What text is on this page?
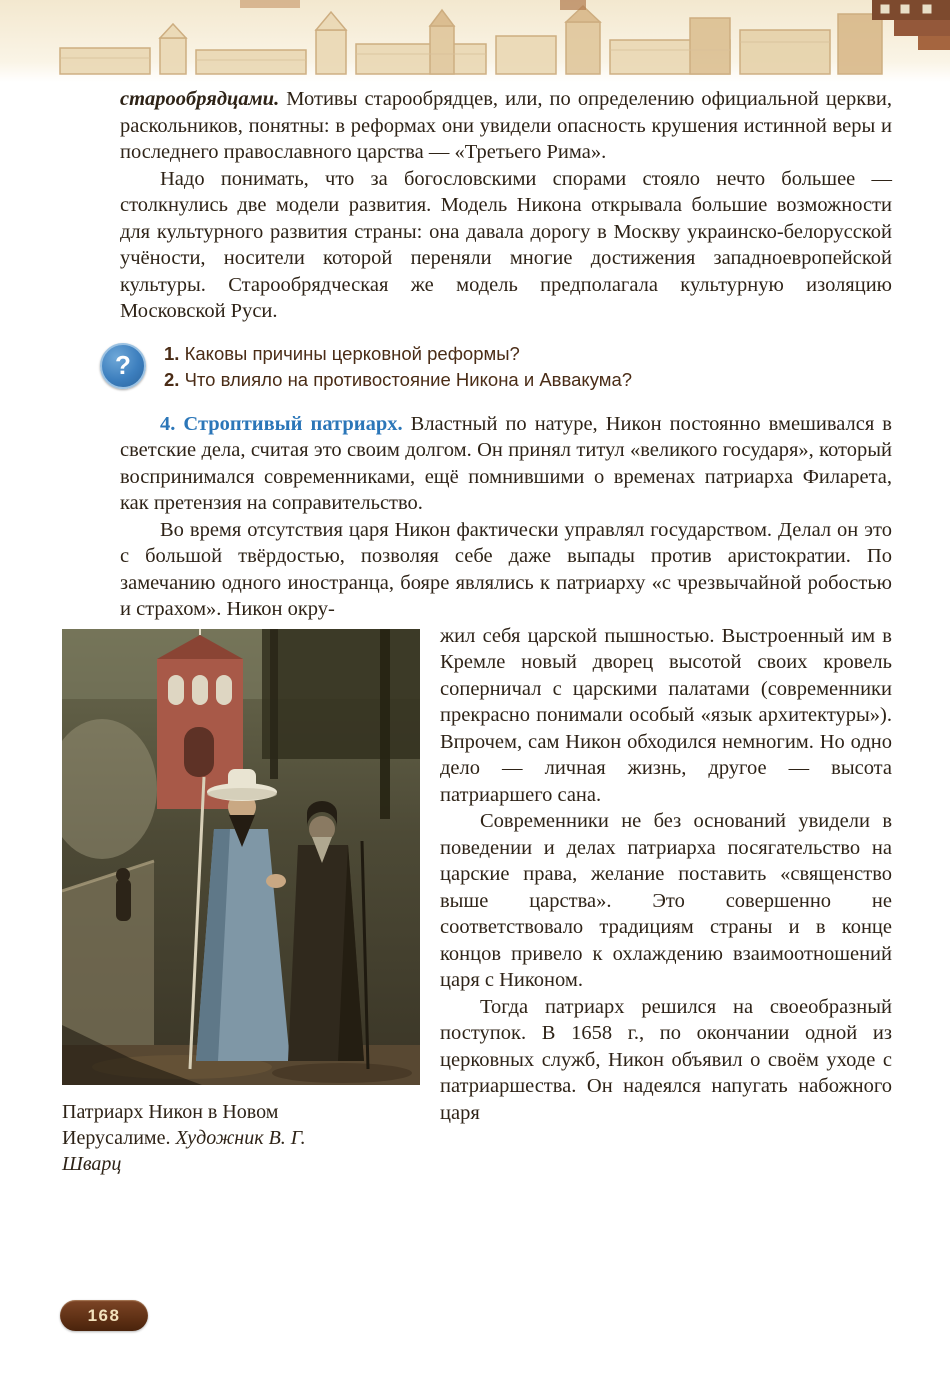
старообрядцами. Мотивы старообрядцев, или, по определению официальной церкви, раскольников, понятны: в реформах они увидели опасность крушения истинной веры и последнего православного царства — «Третьего Рима».

Надо понимать, что за богословскими спорами стояло нечто большее — столкнулись две модели развития. Модель Никона открывала большие возможности для культурного развития страны: она давала дорогу в Москву украинско-белорусской учёности, носители которой переняли многие достижения западноевропейской культуры. Старообрядческая же модель предполагала культурную изоляцию Московской Руси.

? 1. Каковы причины церковной реформы?
2. Что влияло на противостояние Никона и Аввакума?

4. Строптивый патриарх. Властный по натуре, Никон постоянно вмешивался в светские дела, считая это своим долгом. Он принял титул «великого государя», который воспринимался современниками, ещё помнившими о временах патриарха Филарета, как претензия на соправительство.

Во время отсутствия царя Никон фактически управлял государством. Делал он это с большой твёрдостью, позволяя себе даже выпады против аристократии. По замечанию одного иностранца, бояре являлись к патриарху «с чрезвычайной робостью и страхом». Никон окру-

Патриарх Никон в Новом Иерусалиме. Художник В. Г. Шварц

жил себя царской пышностью. Выстроенный им в Кремле новый дворец высотой своих кровель соперничал с царскими палатами (современники прекрасно понимали особый «язык архитектуры»). Впрочем, сам Никон обходился немногим. Но одно дело — личная жизнь, другое — высота патриаршего сана.

Современники не без оснований увидели в поведении и делах патриарха посягательство на царские права, желание поставить «священство выше царства». Это совершенно не соответствовало традициям страны и в конце концов привело к охлаждению взаимоотношений царя с Никоном.

Тогда патриарх решился на своеобразный поступок. В 1658 г., по окончании одной из церковных служб, Никон объявил о своём уходе с патриаршества. Он надеялся напугать набожного царя

168
